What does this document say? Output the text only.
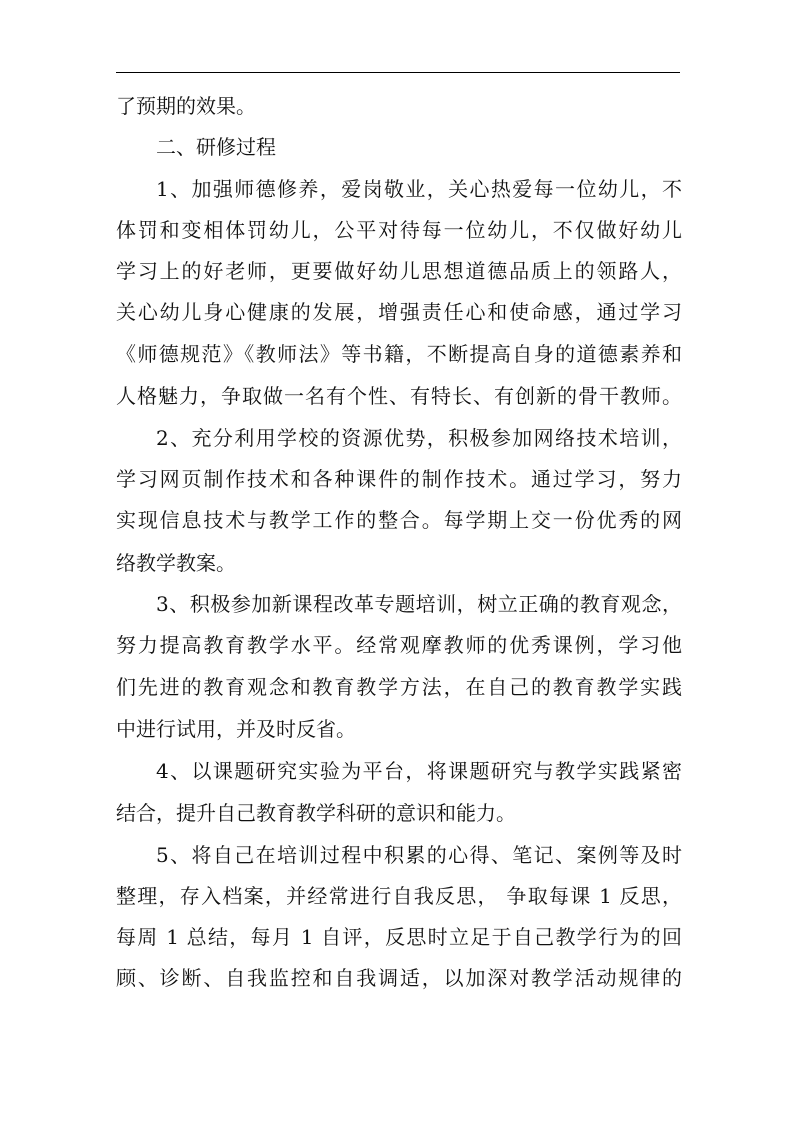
了预期的效果。
二、研修过程
1、加强师德修养，爱岗敬业，关心热爱每一位幼儿，不
体罚和变相体罚幼儿，公平对待每一位幼儿，不仅做好幼儿
学习上的好老师，更要做好幼儿思想道德品质上的领路人，
关心幼儿身心健康的发展，增强责任心和使命感，通过学习
《师德规范》《教师法》等书籍，不断提高自身的道德素养和
人格魅力，争取做一名有个性、有特长、有创新的骨干教师。
2、充分利用学校的资源优势，积极参加网络技术培训，
学习网页制作技术和各种课件的制作技术。通过学习，努力
实现信息技术与教学工作的整合。每学期上交一份优秀的网
络教学教案。
3、积极参加新课程改革专题培训，树立正确的教育观念，
努力提高教育教学水平。经常观摩教师的优秀课例，学习他
们先进的教育观念和教育教学方法，在自己的教育教学实践
中进行试用，并及时反省。
4、以课题研究实验为平台，将课题研究与教学实践紧密
结合，提升自己教育教学科研的意识和能力。
5、将自己在培训过程中积累的心得、笔记、案例等及时
整理，存入档案，并经常进行自我反思， 争取每课 1 反思，
每周 1 总结，每月 1 自评，反思时立足于自己教学行为的回
顾、诊断、自我监控和自我调适，以加深对教学活动规律的
